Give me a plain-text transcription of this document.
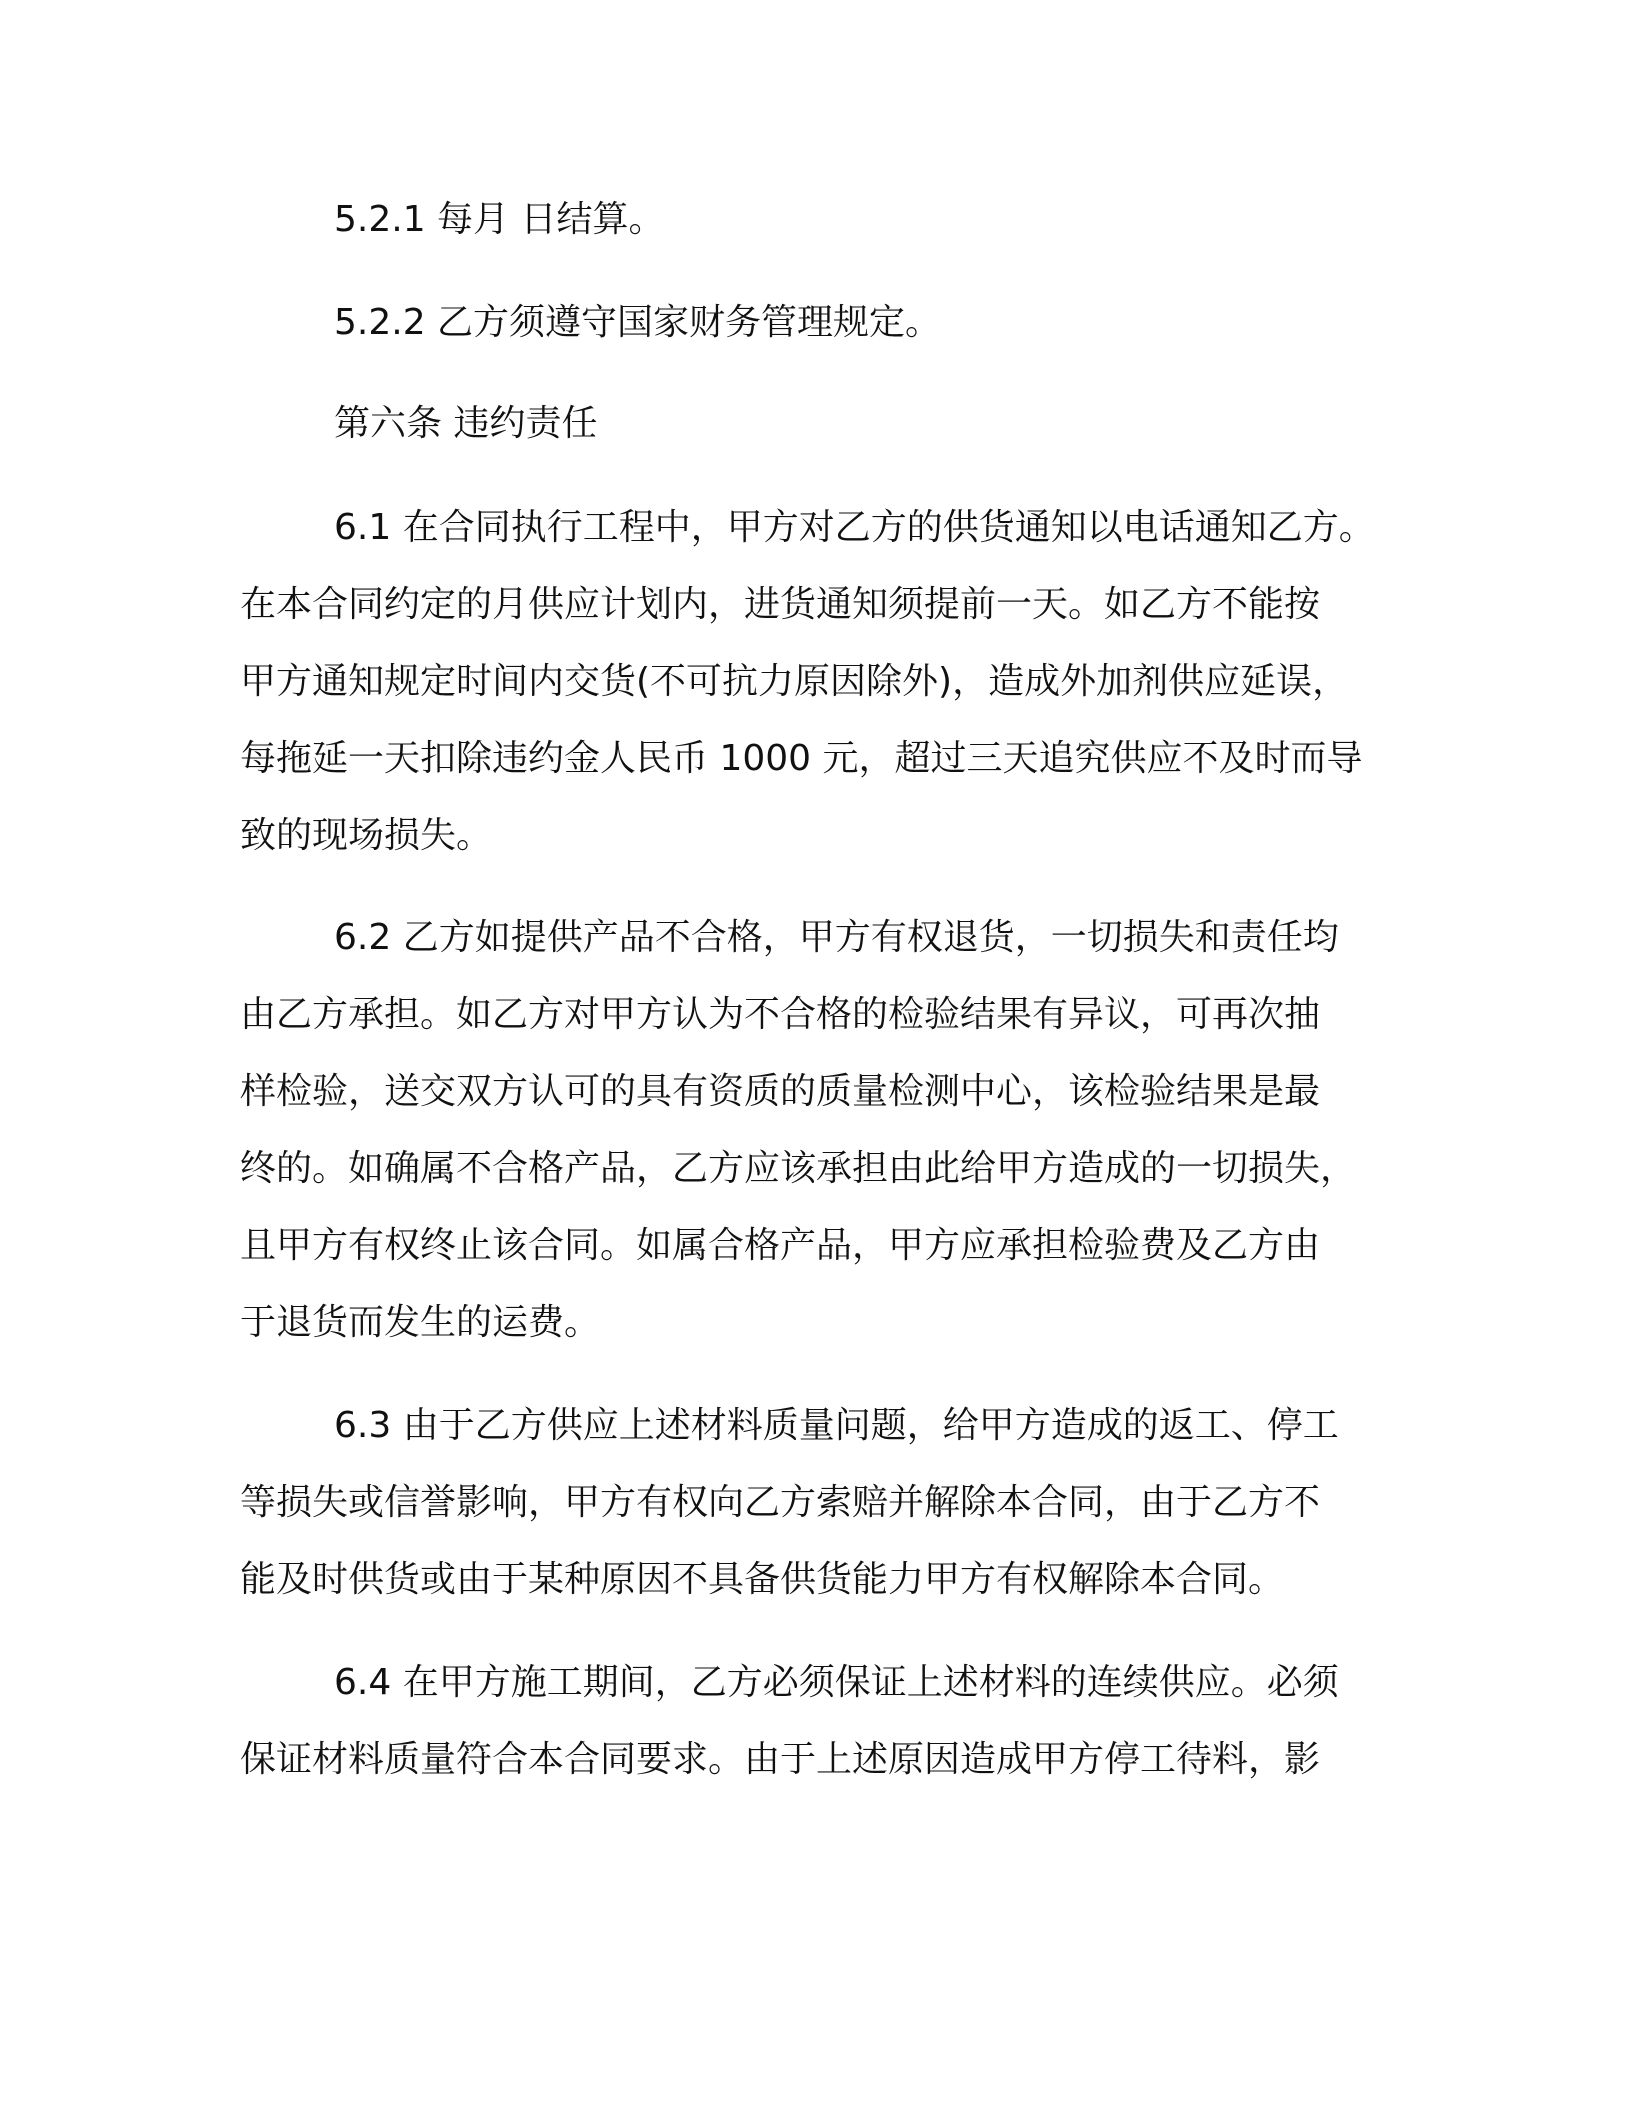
5.2.1 每月 日结算。

5.2.2 乙方须遵守国家财务管理规定。

第六条 违约责任

6.1 在合同执行工程中，甲方对乙方的供货通知以电话通知乙方。

在本合同约定的月供应计划内，进货通知须提前一天。如乙方不能按

甲方通知规定时间内交货(不可抗力原因除外)，造成外加剂供应延误，

每拖延一天扣除违约金人民币 1000 元，超过三天追究供应不及时而导

致的现场损失。

6.2 乙方如提供产品不合格，甲方有权退货，一切损失和责任均

由乙方承担。如乙方对甲方认为不合格的检验结果有异议，可再次抽

样检验，送交双方认可的具有资质的质量检测中心，该检验结果是最

终的。如确属不合格产品，乙方应该承担由此给甲方造成的一切损失，

且甲方有权终止该合同。如属合格产品，甲方应承担检验费及乙方由

于退货而发生的运费。

6.3 由于乙方供应上述材料质量问题，给甲方造成的返工、停工

等损失或信誉影响，甲方有权向乙方索赔并解除本合同，由于乙方不

能及时供货或由于某种原因不具备供货能力甲方有权解除本合同。

6.4 在甲方施工期间，乙方必须保证上述材料的连续供应。必须

保证材料质量符合本合同要求。由于上述原因造成甲方停工待料，影
